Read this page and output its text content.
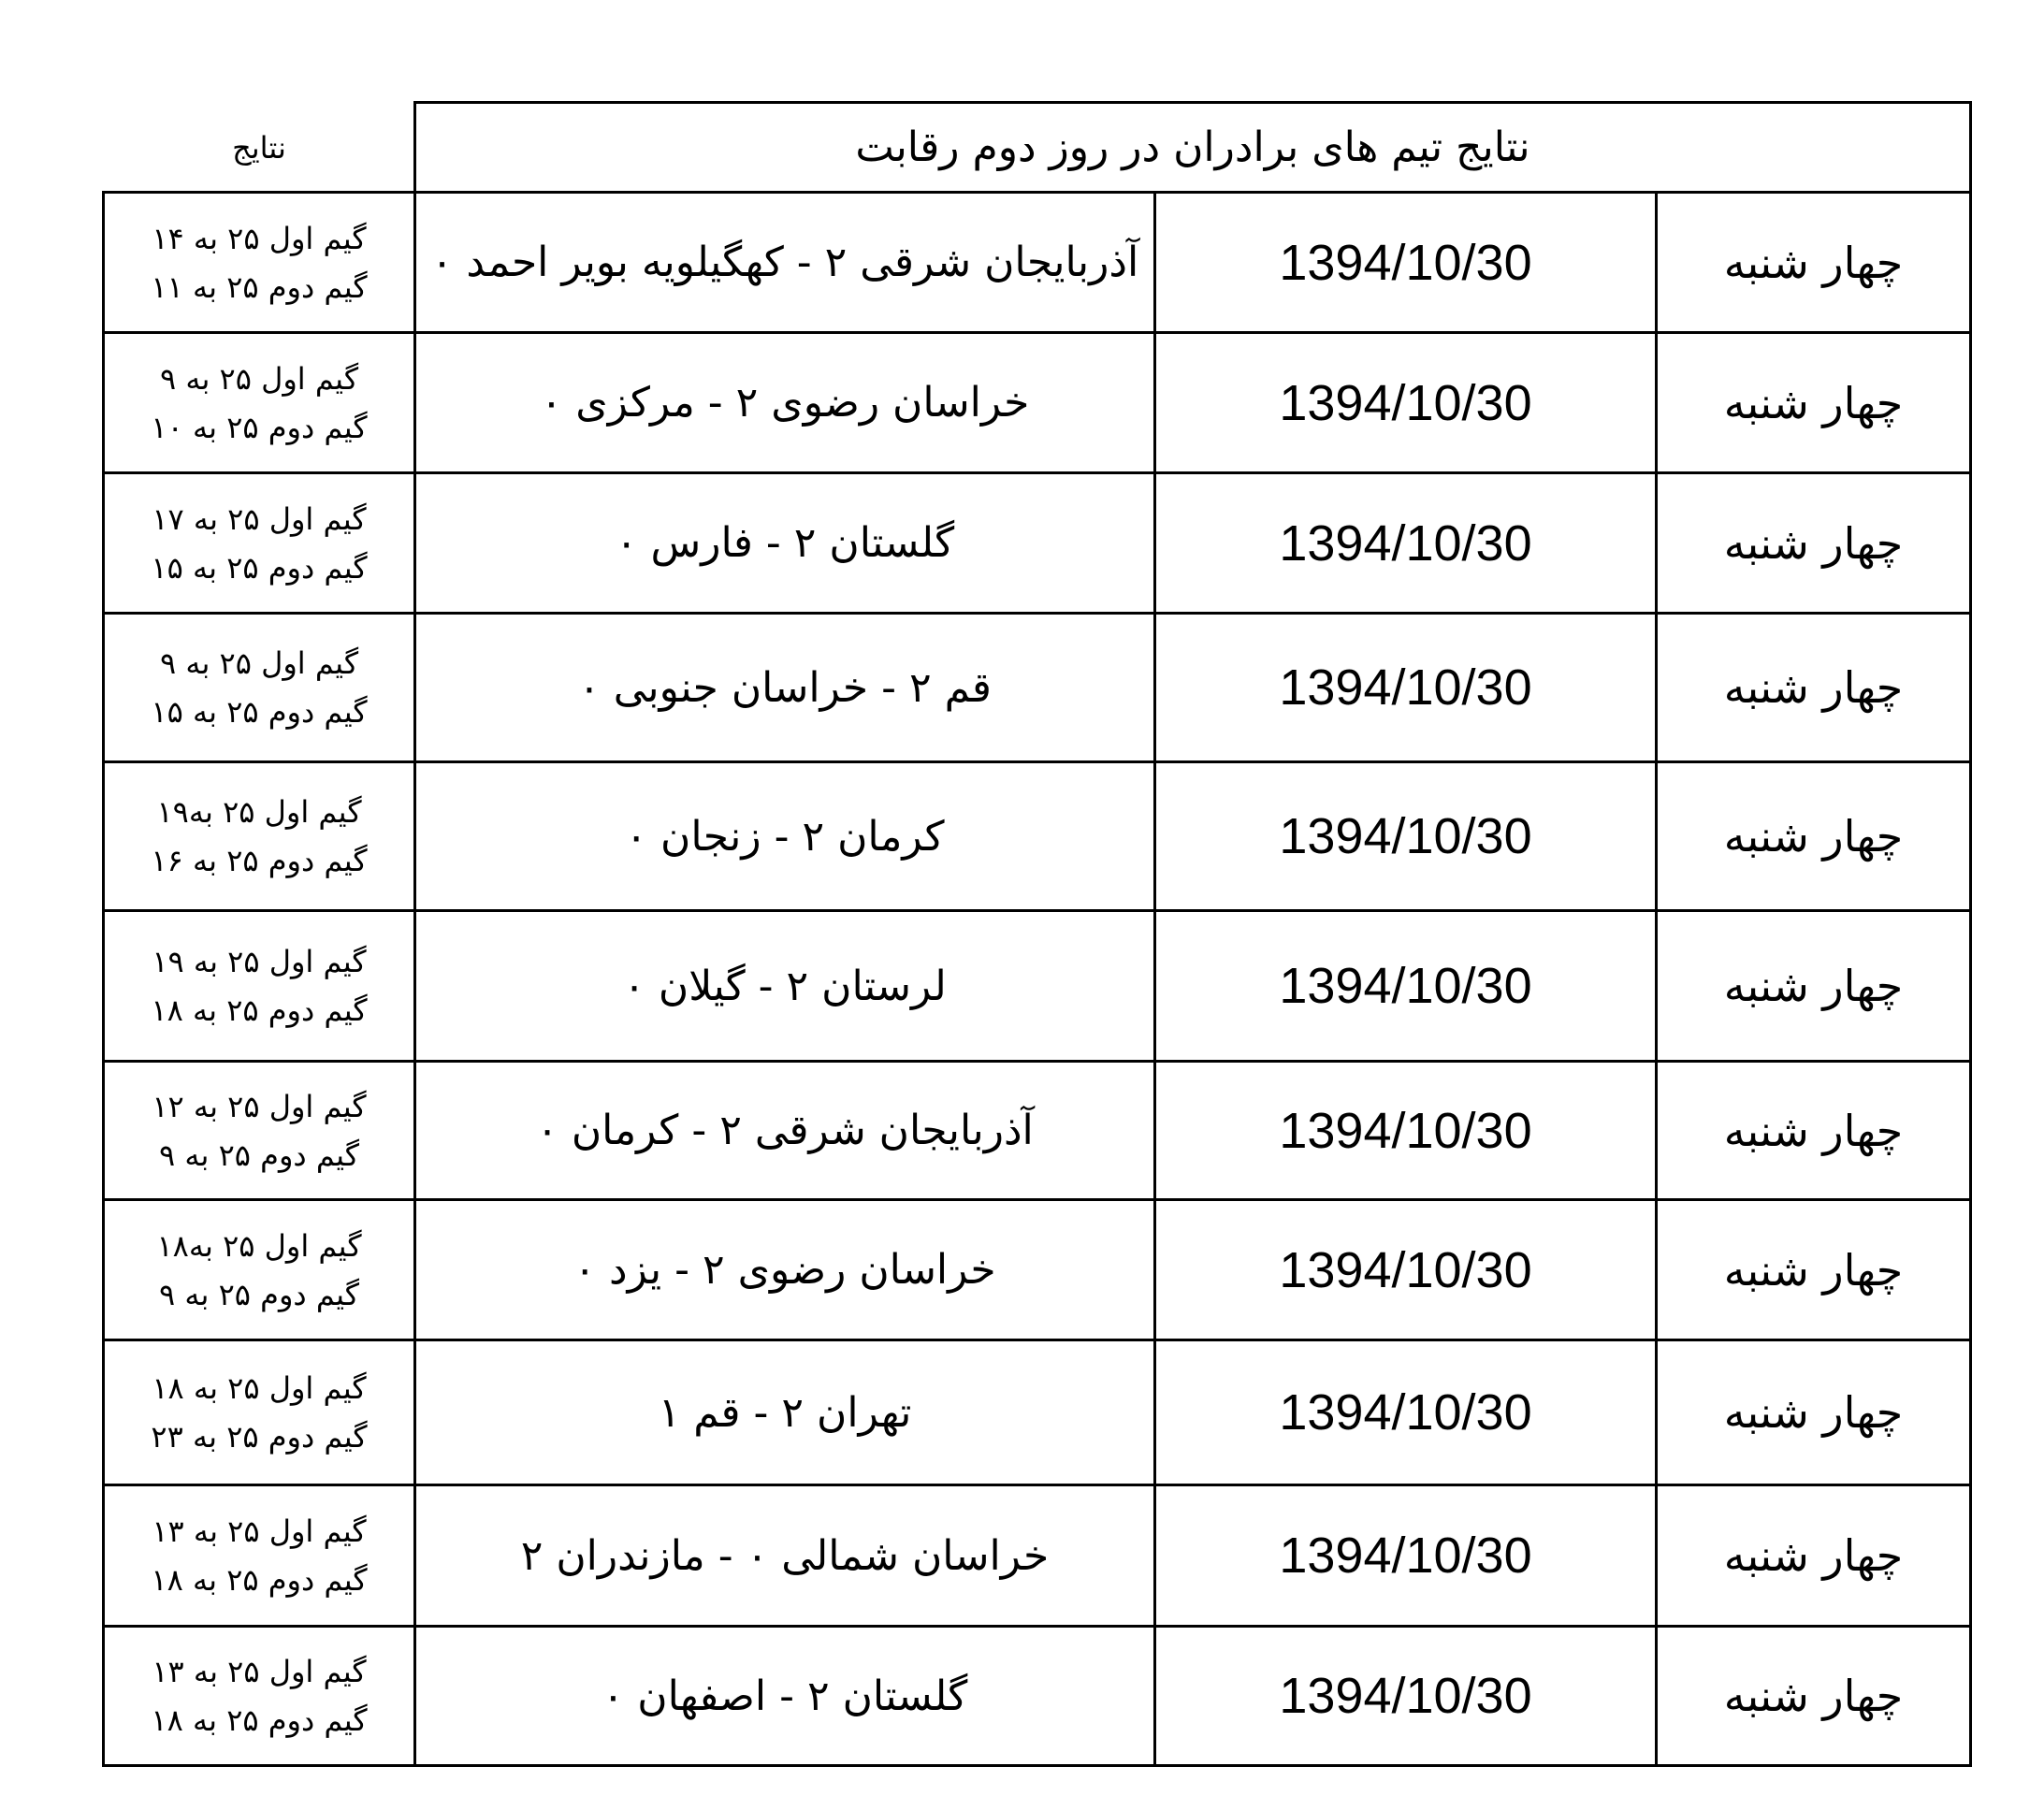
نتایج تیم های برادران در روز دوم رقابت
نتایج
چهار شنبه
1394/10/30
آذربایجان شرقی ۲ - کهگیلویه بویر احمد ۰
گیم اول ۲۵ به ۱۴
گیم دوم ۲۵ به ۱۱
چهار شنبه
1394/10/30
خراسان رضوی ۲ - مرکزی ۰
گیم اول ۲۵ به ۹
گیم دوم ۲۵ به ۱۰
چهار شنبه
1394/10/30
گلستان ۲ - فارس ۰
گیم اول ۲۵ به ۱۷
گیم دوم ۲۵ به ۱۵
چهار شنبه
1394/10/30
قم ۲ - خراسان جنوبی ۰
گیم اول ۲۵ به ۹
گیم دوم ۲۵ به ۱۵
چهار شنبه
1394/10/30
کرمان ۲ - زنجان ۰
گیم اول ۲۵ به۱۹
گیم دوم ۲۵ به ۱۶
چهار شنبه
1394/10/30
لرستان ۲ - گیلان ۰
گیم اول ۲۵ به ۱۹
گیم دوم ۲۵ به ۱۸
چهار شنبه
1394/10/30
آذربایجان شرقی ۲ - کرمان ۰
گیم اول ۲۵ به ۱۲
گیم دوم ۲۵ به ۹
چهار شنبه
1394/10/30
خراسان رضوی ۲ - یزد ۰
گیم اول ۲۵ به۱۸
گیم دوم ۲۵ به ۹
چهار شنبه
1394/10/30
تهران ۲ - قم ۱
گیم اول ۲۵ به ۱۸
گیم دوم ۲۵ به ۲۳
چهار شنبه
1394/10/30
خراسان شمالی ۰ - مازندران ۲
گیم اول ۲۵ به ۱۳
گیم دوم ۲۵ به ۱۸
چهار شنبه
1394/10/30
گلستان ۲ - اصفهان ۰
گیم اول ۲۵ به ۱۳
گیم دوم ۲۵ به ۱۸
